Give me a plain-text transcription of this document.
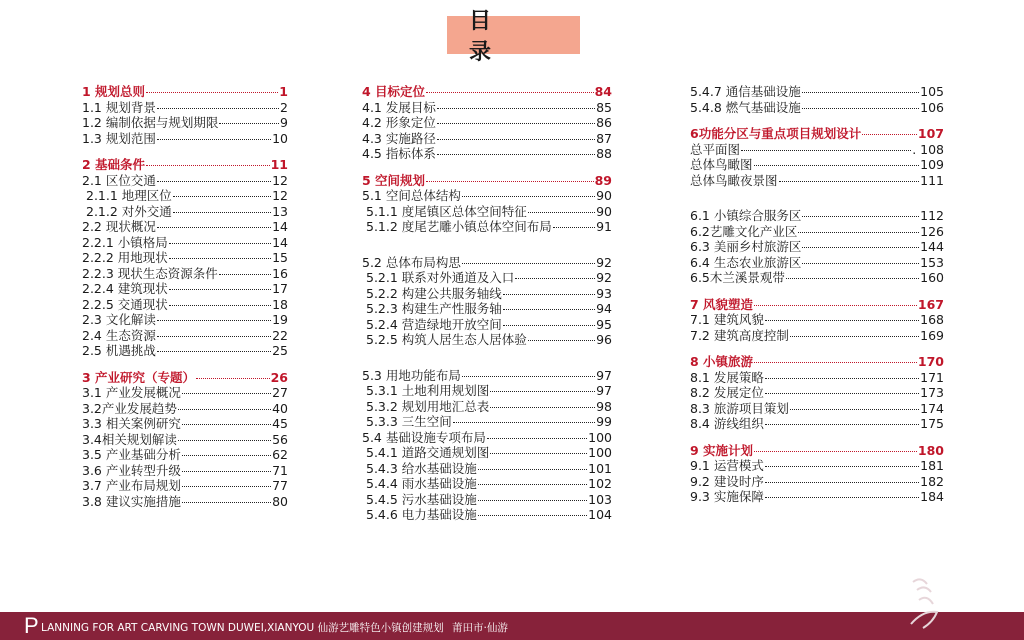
目　录
1 规划总则	1
1.1 规划背景	2
1.2 编制依据与规划期限	9
1.3 规划范围	10
2 基础条件	11
2.1 区位交通	12
2.1.1 地理区位	12
2.1.2 对外交通	13
2.2 现状概况	14
2.2.1 小镇格局	14
2.2.2 用地现状	15
2.2.3 现状生态资源条件	16
2.2.4 建筑现状	17
2.2.5 交通现状	18
2.3 文化解读	19
2.4 生态资源	22
2.5 机遇挑战	25
3 产业研究（专题）	26
3.1 产业发展概况	27
3.2产业发展趋势	40
3.3 相关案例研究	45
3.4相关规划解读	56
3.5 产业基础分析	62
3.6 产业转型升级	71
3.7 产业布局规划	77
3.8 建议实施措施	80
4 目标定位	84
4.1 发展目标	85
4.2 形象定位	86
4.3 实施路径	87
4.5 指标体系	88
5 空间规划	89
5.1 空间总体结构	90
5.1.1 度尾镇区总体空间特征	90
5.1.2 度尾艺雕小镇总体空间布局	91
5.2 总体布局构思	92
5.2.1 联系对外通道及入口	92
5.2.2 构建公共服务轴线	93
5.2.3 构建生产性服务轴	94
5.2.4 营造绿地开放空间	95
5.2.5 构筑人居生态人居体验	96
5.3 用地功能布局	97
5.3.1 土地利用规划图	97
5.3.2 规划用地汇总表	98
5.3.3 三生空间	99
5.4 基础设施专项布局	100
5.4.1 道路交通规划图	100
5.4.3 给水基础设施	101
5.4.4 雨水基础设施	102
5.4.5 污水基础设施	103
5.4.6 电力基础设施	104
5.4.7 通信基础设施	105
5.4.8 燃气基础设施	106
6功能分区与重点项目规划设计	107
总平面图	. 108
总体鸟瞰图	109
总体鸟瞰夜景图	111
6.1 小镇综合服务区	112
6.2艺雕文化产业区	126
6.3 美丽乡村旅游区	144
6.4 生态农业旅游区	153
6.5木兰溪景观带	160
7 风貌塑造	167
7.1 建筑风貌	168
7.2 建筑高度控制	169
8 小镇旅游	170
8.1 发展策略	171
8.2 发展定位	173
8.3 旅游项目策划	174
8.4 游线组织	175
9 实施计划	180
9.1 运营模式	181
9.2 建设时序	182
9.3 实施保障	184
P LANNING FOR ART CARVING TOWN DUWEI,XIANYOU 仙游艺雕特色小镇创建规划 莆田市·仙游
